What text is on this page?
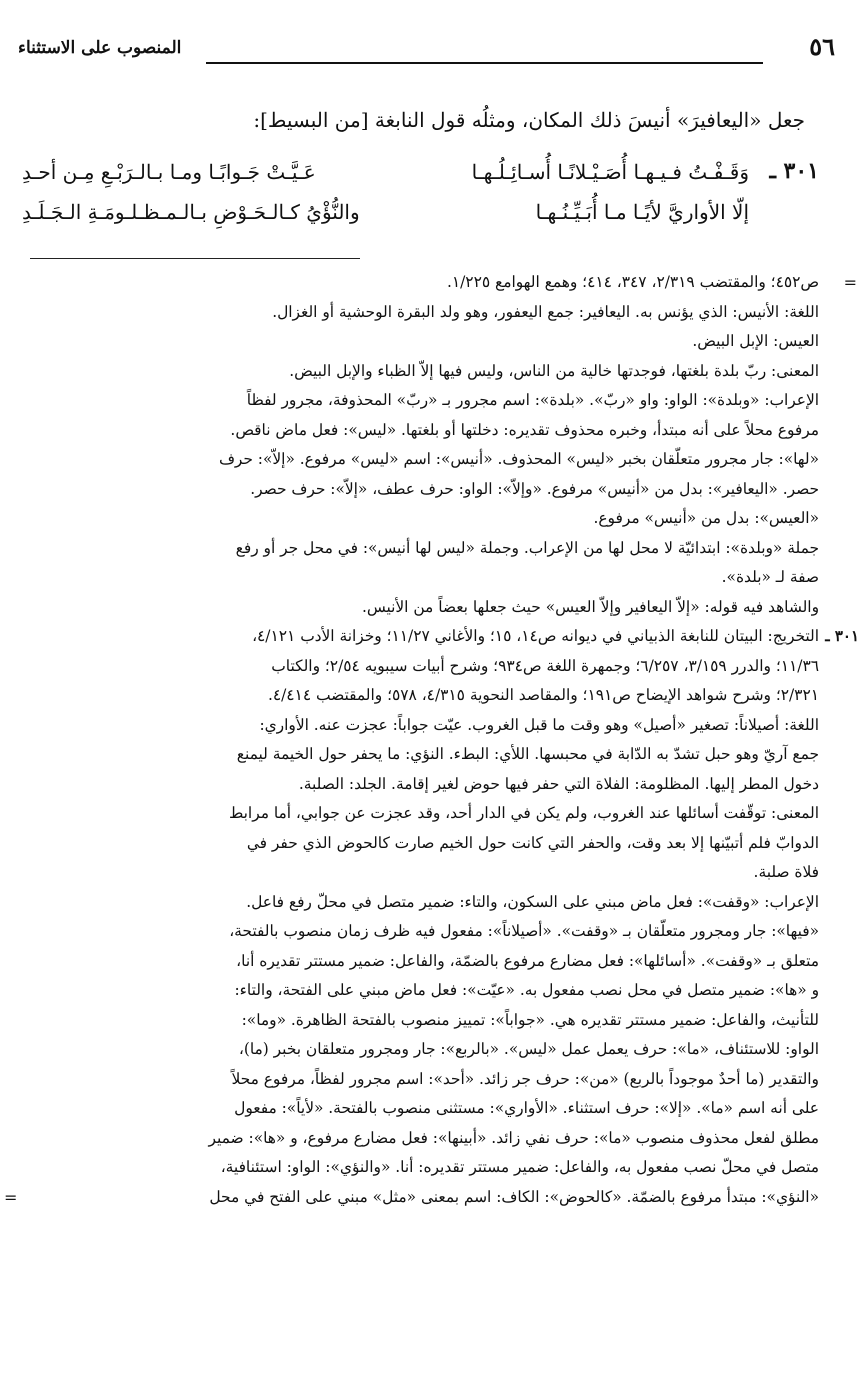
٥٦
المنصوب على الاستثناء
جعل «اليعافيرَ» أنيسَ ذلك المكان، ومثلُه قول النابغة [من البسيط]:
٣٠١ ـ
وَقَـفْـتُ فـيـهـا أُصَـيْـلانًـا أُسـائِـلُـهـا
عَـيَّـتْ جَـوابًـا ومـا بـالـرَبْـعِ مِـن أحـدِ
إلّا الأواريَّ لأيًـا مـا أُبَـيِّـنُـهـا
والنُّؤْيُ كـالـحَـوْضِ بـالـمـظـلـومَـةِ الـجَـلَـدِ
=
ص٤٥٢؛ والمقتضب ٢/٣١٩، ٣٤٧، ٤١٤؛ وهمع الهوامع ١/٢٢٥.
اللغة: الأنيس: الذي يؤنس به. اليعافير: جمع اليعفور، وهو ولد البقرة الوحشية أو الغزال.
العيس: الإبل البيض.
المعنى: ربّ بلدة بلغتها، فوجدتها خالية من الناس، وليس فيها إلاّ الظباء والإبل البيض.
الإعراب: «وبلدة»: الواو: واو «ربّ». «بلدة»: اسم مجرور بـ «ربّ» المحذوفة، مجرور لفظاً
مرفوع محلاً على أنه مبتدأ، وخبره محذوف تقديره: دخلتها أو بلغتها. «ليس»: فعل ماض ناقص.
«لها»: جار مجرور متعلّقان بخبر «ليس» المحذوف. «أنيس»: اسم «ليس» مرفوع. «إلاّ»: حرف
حصر. «اليعافير»: بدل من «أنيس» مرفوع. «وإلاّ»: الواو: حرف عطف، «إلاّ»: حرف حصر.
«العيس»: بدل من «أنيس» مرفوع.
جملة «وبلدة»: ابتدائيّة لا محل لها من الإعراب. وجملة «ليس لها أنيس»: في محل جر أو رفع
صفة لـ «بلدة».
والشاهد فيه قوله: «إلاّ اليعافير وإلاّ العيس» حيث جعلها بعضاً من الأنيس.
٣٠١ ـ
التخريج: البيتان للنابغة الذبياني في ديوانه ص١٤، ١٥؛ والأغاني ١١/٢٧؛ وخزانة الأدب ٤/١٢١،
١١/٣٦؛ والدرر ٣/١٥٩، ٦/٢٥٧؛ وجمهرة اللغة ص٩٣٤؛ وشرح أبيات سيبويه ٢/٥٤؛ والكتاب
٢/٣٢١؛ وشرح شواهد الإيضاح ص١٩١؛ والمقاصد النحوية ٤/٣١٥، ٥٧٨؛ والمقتضب ٤/٤١٤.
اللغة: أصيلاناً: تصغير «أصيل» وهو وقت ما قبل الغروب. عيّت جواباً: عجزت عنه. الأواري:
جمع آريّ وهو حبل تشدّ به الدّابة في محبسها. اللأي: البطء. النؤي: ما يحفر حول الخيمة ليمنع
دخول المطر إليها. المظلومة: الفلاة التي حفر فيها حوض لغير إقامة. الجلد: الصلبة.
المعنى: توقّفت أسائلها عند الغروب، ولم يكن في الدار أحد، وقد عجزت عن جوابي، أما مرابط
الدوابّ فلم أتبيّنها إلا بعد وقت، والحفر التي كانت حول الخيم صارت كالحوض الذي حفر في
فلاة صلبة.
الإعراب: «وقفت»: فعل ماض مبني على السكون، والتاء: ضمير متصل في محلّ رفع فاعل.
«فيها»: جار ومجرور متعلّقان بـ «وقفت». «أصيلاناً»: مفعول فيه ظرف زمان منصوب بالفتحة،
متعلق بـ «وقفت». «أسائلها»: فعل مضارع مرفوع بالضمّة، والفاعل: ضمير مستتر تقديره أنا،
و «ها»: ضمير متصل في محل نصب مفعول به. «عيّت»: فعل ماض مبني على الفتحة، والتاء:
للتأنيث، والفاعل: ضمير مستتر تقديره هي. «جواباً»: تمييز منصوب بالفتحة الظاهرة. «وما»:
الواو: للاستئناف، «ما»: حرف يعمل عمل «ليس». «بالربع»: جار ومجرور متعلقان بخبر (ما)،
والتقدير (ما أحدٌ موجوداً بالربع) «من»: حرف جر زائد. «أحد»: اسم مجرور لفظاً، مرفوع محلاً
على أنه اسم «ما». «إلا»: حرف استثناء. «الأواري»: مستثنى منصوب بالفتحة. «لأياً»: مفعول
مطلق لفعل محذوف منصوب «ما»: حرف نفي زائد. «أبينها»: فعل مضارع مرفوع، و «ها»: ضمير
متصل في محلّ نصب مفعول به، والفاعل: ضمير مستتر تقديره: أنا. «والنؤي»: الواو: استئنافية،
«النؤي»: مبتدأ مرفوع بالضمّة. «كالحوض»: الكاف: اسم بمعنى «مثل» مبني على الفتح في محل
=
